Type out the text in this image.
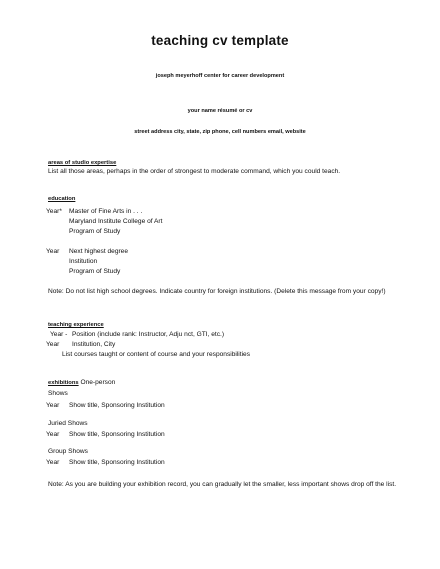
teaching cv template
joseph meyerhoff center for career development
your name résumé or cv
street address city, state, zip phone, cell numbers email, website
areas of studio expertise
List all those areas, perhaps in the order of strongest to moderate command, which you could teach.
education
Year* Master of Fine Arts in . . .
Maryland Institute College of Art
Program of Study
Year Next highest degree
Institution
Program of Study
Note: Do not list high school degrees. Indicate country for foreign institutions. (Delete this message from your copy!)
teaching experience
Year - Position (include rank: Instructor, Adju nct, GTI, etc.)
Year Institution, City
List courses taught or content of course and your responsibilities
exhibitions One-person
Shows
Year Show title, Sponsoring Institution
Juried Shows
Year Show title, Sponsoring Institution
Group Shows
Year Show title, Sponsoring Institution
Note: As you are building your exhibition record, you can gradually let the smaller, less important shows drop off the list.
